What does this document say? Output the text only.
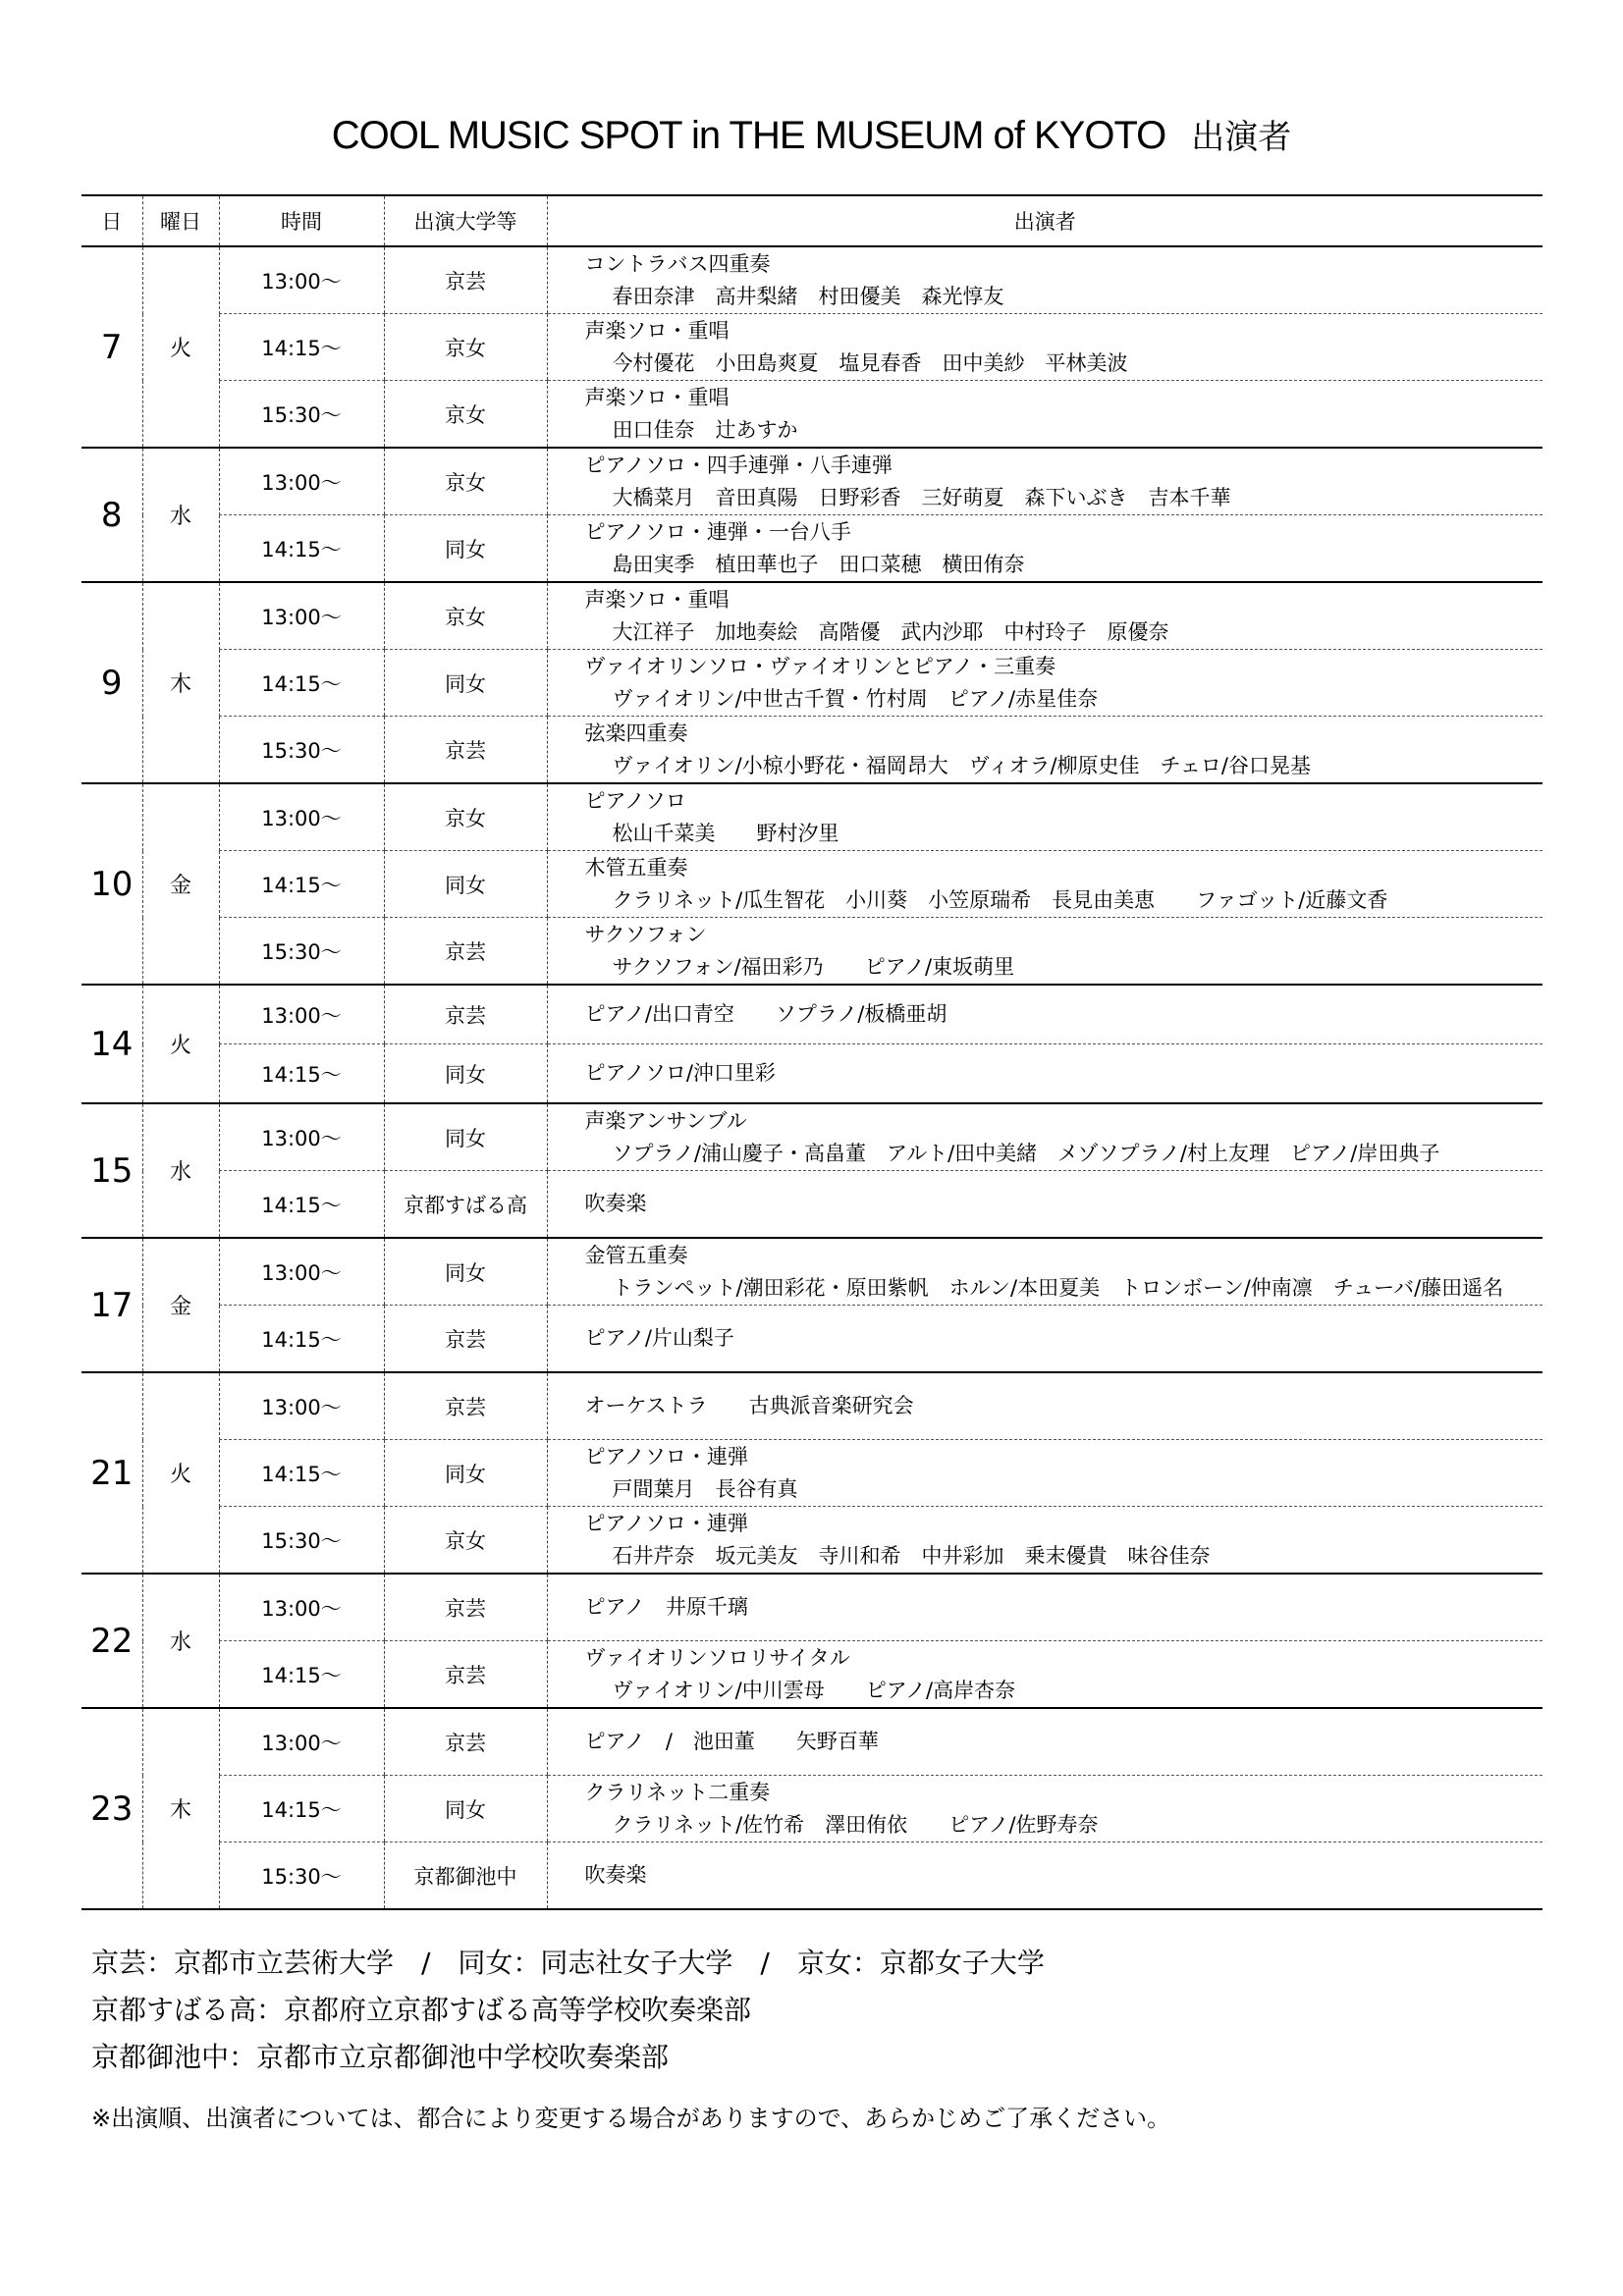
COOL MUSIC SPOT in THE MUSEUM of KYOTO 出演者
日	曜日	時間	出演大学等	出演者
7	火	13:00～	京芸	コントラバス四重奏
春田奈津　高井梨緒　村田優美　森光惇友

		14:15～	京女	声楽ソロ・重唱
今村優花　小田島爽夏　塩見春香　田中美紗　平林美波

		15:30～	京女	声楽ソロ・重唱
田口佳奈　辻あすか

8	水	13:00～	京女	ピアノソロ・四手連弾・八手連弾
大橋菜月　音田真陽　日野彩香　三好萌夏　森下いぶき　吉本千華

		14:15～	同女	ピアノソロ・連弾・一台八手
島田実季　植田華也子　田口菜穂　横田侑奈

9	木	13:00～	京女	声楽ソロ・重唱
大江祥子　加地奏絵　高階優　武内沙耶　中村玲子　原優奈

		14:15～	同女	ヴァイオリンソロ・ヴァイオリンとピアノ・三重奏
ヴァイオリン/中世古千賀・竹村周　ピアノ/赤星佳奈

		15:30～	京芸	弦楽四重奏
ヴァイオリン/小椋小野花・福岡昂大　ヴィオラ/柳原史佳　チェロ/谷口晃基

10	金	13:00～	京女	ピアノソロ
松山千菜美　　野村汐里

		14:15～	同女	木管五重奏
クラリネット/瓜生智花　小川葵　小笠原瑞希　長見由美恵　　ファゴット/近藤文香

		15:30～	京芸	サクソフォン
サクソフォン/福田彩乃　　ピアノ/東坂萌里

14	火	13:00～	京芸	ピアノ/出口青空　　ソプラノ/板橋亜胡

		14:15～	同女	ピアノソロ/沖口里彩

15	水	13:00～	同女	声楽アンサンブル
ソプラノ/浦山慶子・高畠董　アルト/田中美緒　メゾソプラノ/村上友理　ピアノ/岸田典子

		14:15～	京都すばる高	吹奏楽

17	金	13:00～	同女	金管五重奏
トランペット/潮田彩花・原田紫帆　ホルン/本田夏美　トロンボーン/仲南凛　チューバ/藤田遥名

		14:15～	京芸	ピアノ/片山梨子

21	火	13:00～	京芸	オーケストラ　　古典派音楽研究会

		14:15～	同女	ピアノソロ・連弾
戸間葉月　長谷有真

		15:30～	京女	ピアノソロ・連弾
石井芹奈　坂元美友　寺川和希　中井彩加　乗末優貴　味谷佳奈

22	水	13:00～	京芸	ピアノ　井原千璃

		14:15～	京芸	ヴァイオリンソロリサイタル
ヴァイオリン/中川雲母　　ピアノ/高岸杏奈

23	木	13:00～	京芸	ピアノ　/　池田董　　矢野百華

		14:15～	同女	クラリネット二重奏
クラリネット/佐竹希　澤田侑依　　ピアノ/佐野寿奈

		15:30～	京都御池中	吹奏楽
京芸：京都市立芸術大学　/　同女：同志社女子大学　/　京女：京都女子大学
京都すばる高：京都府立京都すばる高等学校吹奏楽部
京都御池中：京都市立京都御池中学校吹奏楽部
※出演順、出演者については、都合により変更する場合がありますので、あらかじめご了承ください。
